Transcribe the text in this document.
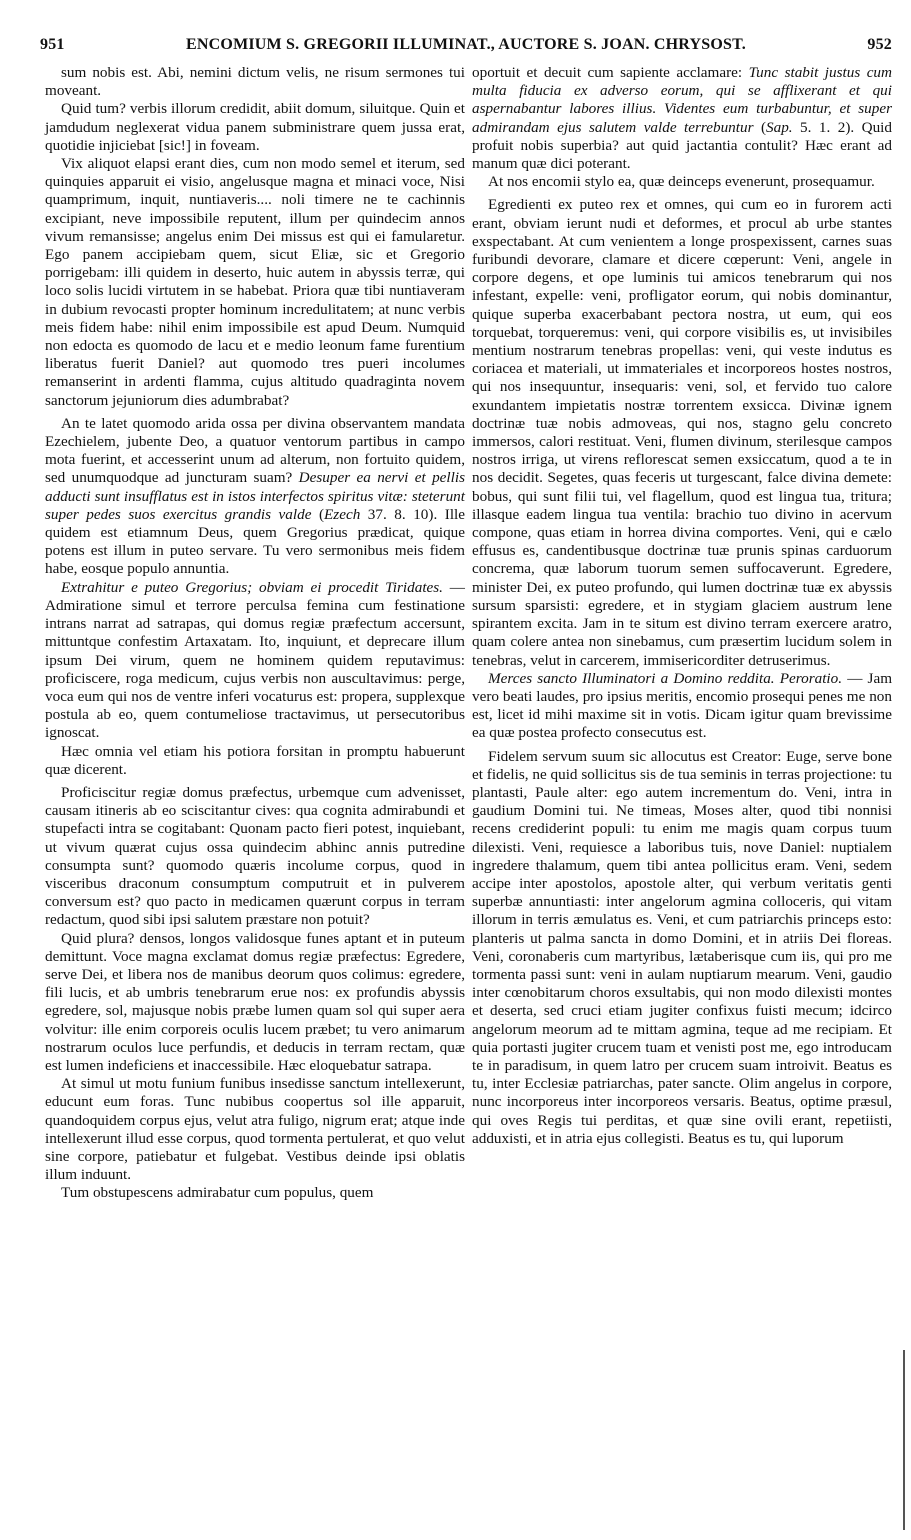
951	ENCOMIUM S. GREGORII ILLUMINAT., AUCTORE S. JOAN. CHRYSOST.	952

sum nobis est. Abi, nemini dictum velis, ne risum sermones tui moveant.

Quid tum? verbis illorum credidit, abiit domum, siluitque. Quin et jamdudum neglexerat vidua panem subministrare quem jussa erat, quotidie injiciebat [sic!] in foveam.

Vix aliquot elapsi erant dies, cum non modo semel et iterum, sed quinquies apparuit ei visio, angelusque magna et minaci voce, Nisi quamprimum, inquit, nuntiaveris.... noli timere ne te cachinnis excipiant, neve impossibile reputent, illum per quindecim annos vivum remansisse; angelus enim Dei missus est qui ei famularetur. Ego panem accipiebam quem, sicut Eliæ, sic et Gregorio porrigebam: illi quidem in deserto, huic autem in abyssis terræ, qui loco solis lucidi virtutem in se habebat. Priora quæ tibi nuntiaveram in dubium revocasti propter hominum incredulitatem; at nunc verbis meis fidem habe: nihil enim impossibile est apud Deum. Numquid non edocta es quomodo de lacu et e medio leonum fame furentium liberatus fuerit Daniel? aut quomodo tres pueri incolumes remanserint in ardenti flamma, cujus altitudo quadraginta novem sanctorum jejuniorum dies adumbrabat?

An te latet quomodo arida ossa per divina observantem mandata Ezechielem, jubente Deo, a quatuor ventorum partibus in campo mota fuerint, et accesserint unum ad alterum, non fortuito quidem, sed unumquodque ad juncturam suam? Desuper ea nervi et pellis adducti sunt insufflatus est in istos interfectos spiritus vitæ: steterunt super pedes suos exercitus grandis valde (Ezech 37. 8. 10). Ille quidem est etiamnum Deus, quem Gregorius prædicat, quique potens est illum in puteo servare. Tu vero sermonibus meis fidem habe, eosque populo annuntia.

Extrahitur e puteo Gregorius; obviam ei procedit Tiridates. — Admiratione simul et terrore perculsa femina cum festinatione intrans narrat ad satrapas, qui domus regiæ præfectum accersunt, mittuntque confestim Artaxatam. Ito, inquiunt, et deprecare illum ipsum Dei virum, quem ne hominem quidem reputavimus: proficiscere, roga medicum, cujus verbis non auscultavimus: perge, voca eum qui nos de ventre inferi vocaturus est: propera, supplexque postula ab eo, quem contumeliose tractavimus, ut persecutoribus ignoscat.

Hæc omnia vel etiam his potiora forsitan in promptu habuerunt quæ dicerent.

Proficiscitur regiæ domus præfectus, urbemque cum advenisset, causam itineris ab eo sciscitantur cives: qua cognita admirabundi et stupefacti intra se cogitabant: Quonam pacto fieri potest, inquiebant, ut vivum quærat cujus ossa quindecim abhinc annis putredine consumpta sunt? quomodo quæris incolume corpus, quod in visceribus draconum consumptum computruit et in pulverem conversum est? quo pacto in medicamen quærunt corpus in terram redactum, quod sibi ipsi salutem præstare non potuit?

Quid plura? densos, longos validosque funes aptant et in puteum demittunt. Voce magna exclamat domus regiæ præfectus: Egredere, serve Dei, et libera nos de manibus deorum quos colimus: egredere, fili lucis, et ab umbris tenebrarum erue nos: ex profundis abyssis egredere, sol, majusque nobis præbe lumen quam sol qui super aera volvitur: ille enim corporeis oculis lucem præbet; tu vero animarum nostrarum oculos luce perfundis, et deducis in terram rectam, quæ est lumen indeficiens et inaccessibile. Hæc eloquebatur satrapa.

At simul ut motu funium funibus insedisse sanctum intellexerunt, educunt eum foras. Tunc nubibus coopertus sol ille apparuit, quandoquidem corpus ejus, velut atra fuligo, nigrum erat; atque inde intellexerunt illud esse corpus, quod tormenta pertulerat, et quo velut sine corpore, patiebatur et fulgebat. Vestibus deinde ipsi oblatis illum induunt.

Tum obstupescens admirabatur cum populus, quem

oportuit et decuit cum sapiente acclamare: Tunc stabit justus cum multa fiducia ex adverso eorum, qui se afflixerant et qui aspernabantur labores illius. Videntes eum turbabuntur, et super admirandam ejus salutem valde terrebuntur (Sap. 5. 1. 2). Quid profuit nobis superbia? aut quid jactantia contulit? Hæc erant ad manum quæ dici poterant.

At nos encomii stylo ea, quæ deinceps evenerunt, prosequamur.

Egredienti ex puteo rex et omnes, qui cum eo in furorem acti erant, obviam ierunt nudi et deformes, et procul ab urbe stantes exspectabant. At cum venientem a longe prospexissent, carnes suas furibundi devorare, clamare et dicere cœperunt: Veni, angele in corpore degens, et ope luminis tui amicos tenebrarum qui nos infestant, expelle: veni, profligator eorum, qui nobis dominantur, quique superba exacerbabant pectora nostra, ut eum, qui eos torquebat, torqueremus: veni, qui corpore visibilis es, ut invisibiles mentium nostrarum tenebras propellas: veni, qui veste indutus es coriacea et materiali, ut immateriales et incorporeos hostes nostros, qui nos insequuntur, insequaris: veni, sol, et fervido tuo calore exundantem impietatis nostræ torrentem exsicca. Divinæ ignem doctrinæ tuæ nobis admoveas, qui nos, stagno gelu concreto immersos, calori restituat. Veni, flumen divinum, sterilesque campos nostros irriga, ut virens reflorescat semen exsiccatum, quod a te in nos decidit. Segetes, quas feceris ut turgescant, falce divina demete: bobus, qui sunt filii tui, vel flagellum, quod est lingua tua, tritura; illasque eadem lingua tua ventila: brachio tuo divino in acervum compone, quas etiam in horrea divina comportes. Veni, qui e cælo effusus es, candentibusque doctrinæ tuæ prunis spinas carduorum concrema, quæ laborum tuorum semen suffocaverunt. Egredere, minister Dei, ex puteo profundo, qui lumen doctrinæ tuæ ex abyssis sursum sparsisti: egredere, et in stygiam glaciem austrum lene spirantem excita. Jam in te situm est divino terram exercere aratro, quam colere antea non sinebamus, cum præsertim lucidum solem in tenebras, velut in carcerem, immisericorditer detruserimus.

Merces sancto Illuminatori a Domino reddita. Peroratio. — Jam vero beati laudes, pro ipsius meritis, encomio prosequi penes me non est, licet id mihi maxime sit in votis. Dicam igitur quam brevissime ea quæ postea profecto consecutus est.

Fidelem servum suum sic allocutus est Creator: Euge, serve bone et fidelis, ne quid sollicitus sis de tua seminis in terras projectione: tu plantasti, Paule alter: ego autem incrementum do. Veni, intra in gaudium Domini tui. Ne timeas, Moses alter, quod tibi nonnisi recens crediderint populi: tu enim me magis quam corpus tuum dilexisti. Veni, requiesce a laboribus tuis, nove Daniel: nuptialem ingredere thalamum, quem tibi antea pollicitus eram. Veni, sedem accipe inter apostolos, apostole alter, qui verbum veritatis genti superbæ annuntiasti: inter angelorum agmina colloceris, qui vitam illorum in terris æmulatus es. Veni, et cum patriarchis princeps esto: planteris ut palma sancta in domo Domini, et in atriis Dei floreas. Veni, coronaberis cum martyribus, lætaberisque cum iis, qui pro me tormenta passi sunt: veni in aulam nuptiarum mearum. Veni, gaudio inter cœnobitarum choros exsultabis, qui non modo dilexisti montes et deserta, sed cruci etiam jugiter confixus fuisti mecum; idcirco angelorum meorum ad te mittam agmina, teque ad me recipiam. Et quia portasti jugiter crucem tuam et venisti post me, ego introducam te in paradisum, in quem latro per crucem suam introivit. Beatus es tu, inter Ecclesiæ patriarchas, pater sancte. Olim angelus in corpore, nunc incorporeus inter incorporeos versaris. Beatus, optime præsul, qui oves Regis tui perditas, et quæ sine ovili erant, repetiisti, adduxisti, et in atria ejus collegisti. Beatus es tu, qui luporum
